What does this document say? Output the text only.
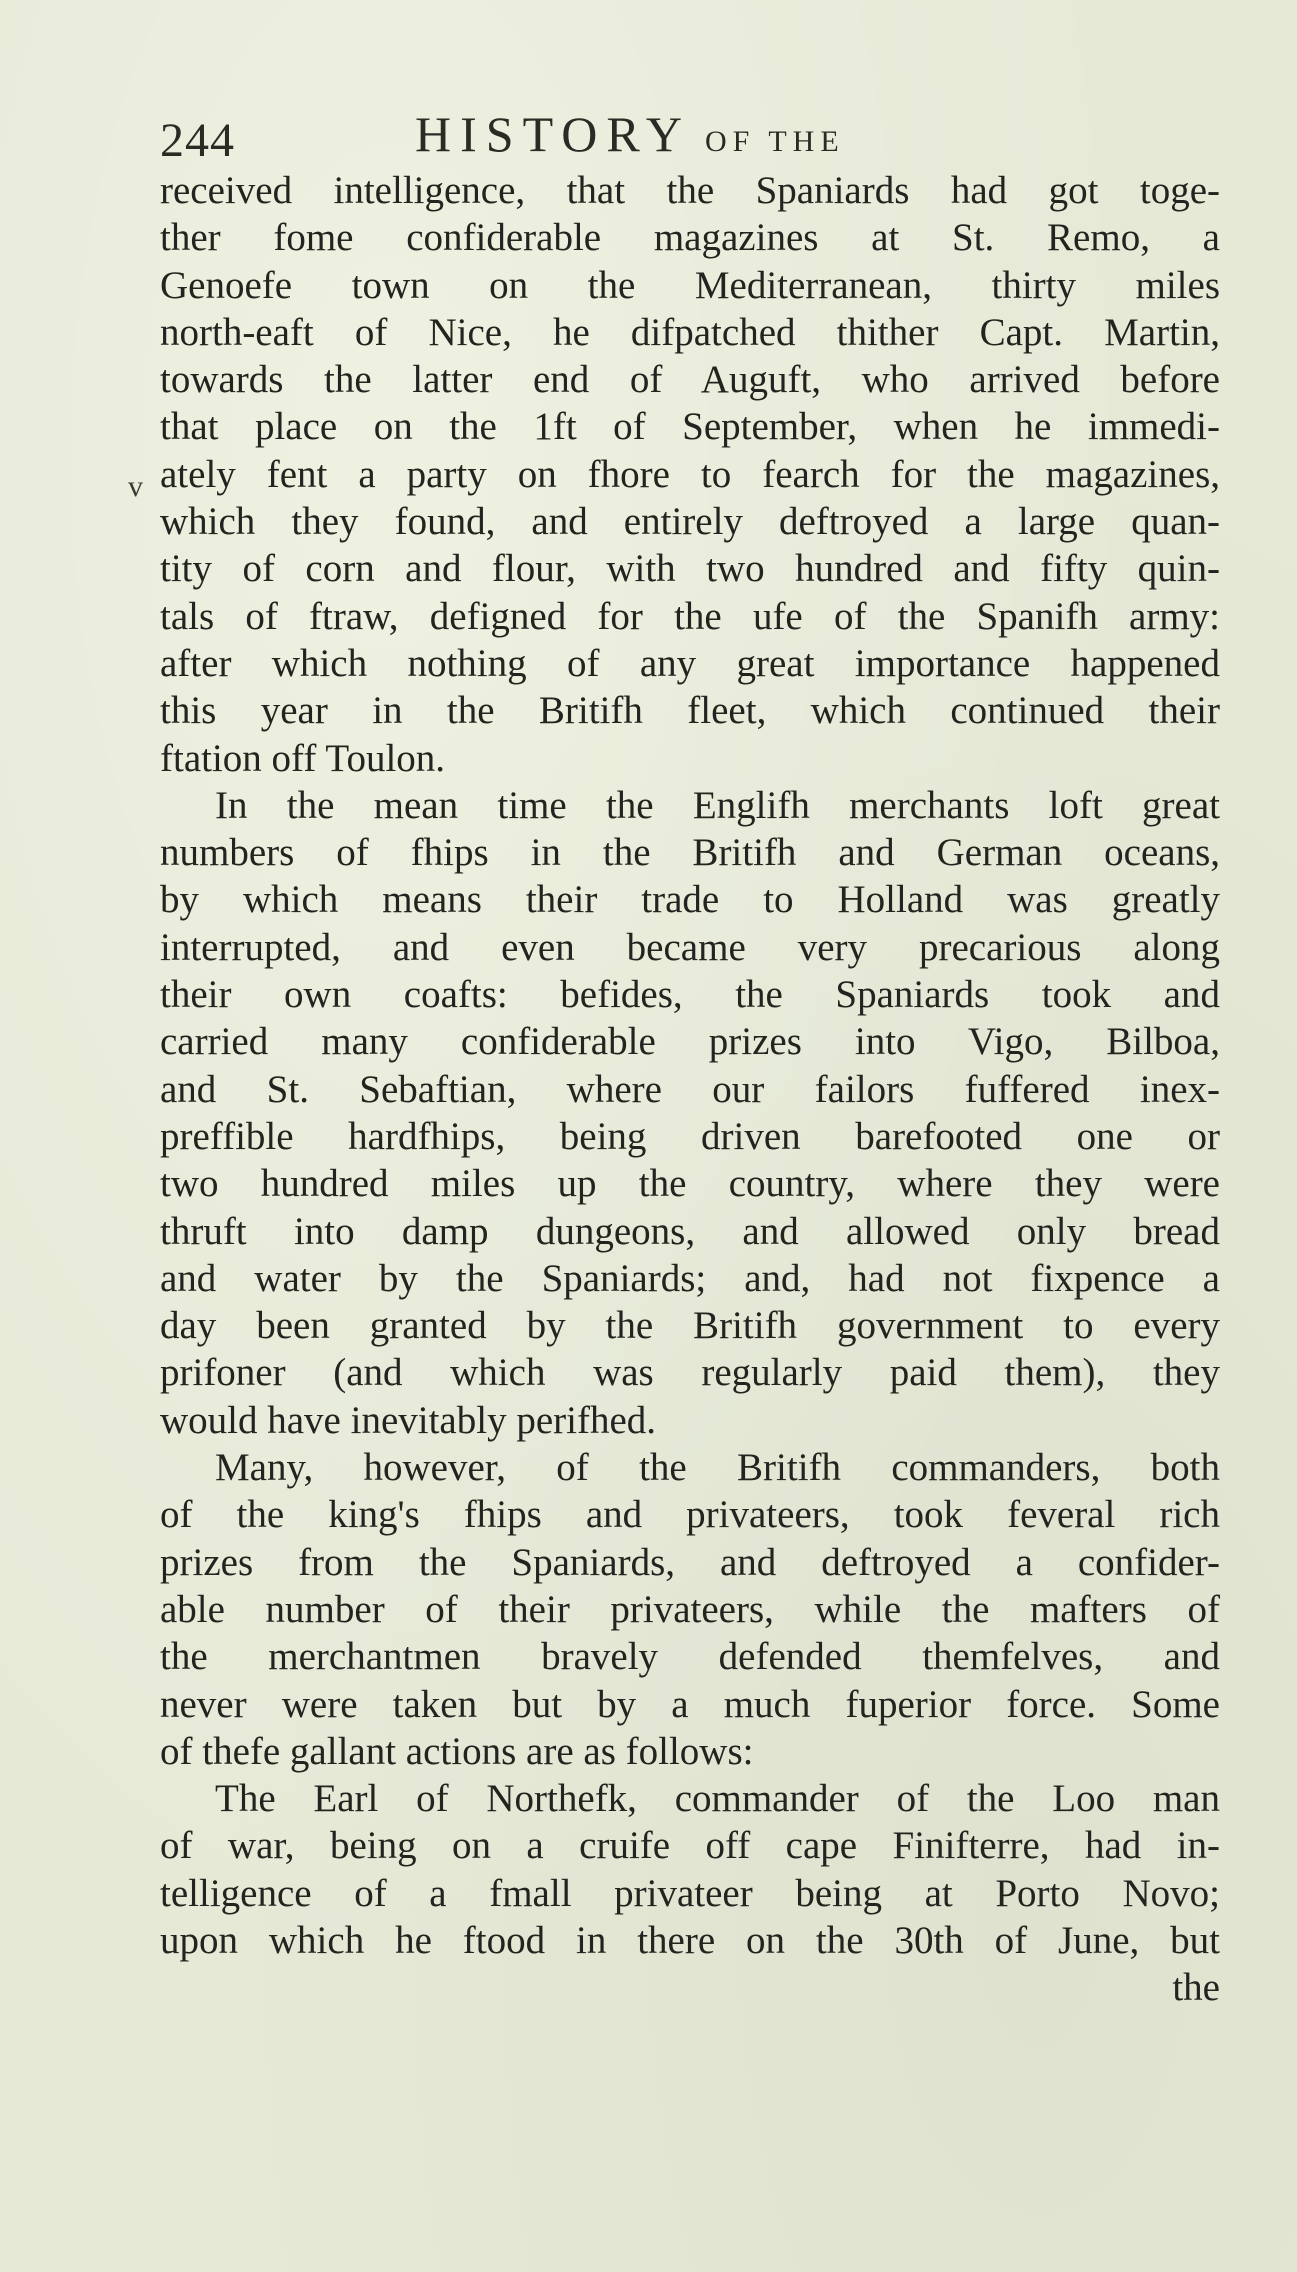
244	HISTORY OF THE
ᴠ
received intelligence, that the Spaniards had got toge-
ther fome confiderable magazines at St. Remo, a
Genoefe town on the Mediterranean, thirty miles
north-eaft of Nice, he difpatched thither Capt. Martin,
towards the latter end of Auguft, who arrived before
that place on the 1ft of September, when he immedi-
ately fent a party on fhore to fearch for the magazines,
which they found, and entirely deftroyed a large quan-
tity of corn and flour, with two hundred and fifty quin-
tals of ftraw, defigned for the ufe of the Spanifh army:
after which nothing of any great importance happened
this year in the Britifh fleet, which continued their
ftation off Toulon.
In the mean time the Englifh merchants loft great
numbers of fhips in the Britifh and German oceans,
by which means their trade to Holland was greatly
interrupted, and even became very precarious along
their own coafts: befides, the Spaniards took and
carried many confiderable prizes into Vigo, Bilboa,
and St. Sebaftian, where our failors fuffered inex-
preffible hardfhips, being driven barefooted one or
two hundred miles up the country, where they were
thruft into damp dungeons, and allowed only bread
and water by the Spaniards; and, had not fixpence a
day been granted by the Britifh government to every
prifoner (and which was regularly paid them), they
would have inevitably perifhed.
Many, however, of the Britifh commanders, both
of the king's fhips and privateers, took feveral rich
prizes from the Spaniards, and deftroyed a confider-
able number of their privateers, while the mafters of
the merchantmen bravely defended themfelves, and
never were taken but by a much fuperior force. Some
of thefe gallant actions are as follows:
The Earl of Northefk, commander of the Loo man
of war, being on a cruife off cape Finifterre, had in-
telligence of a fmall privateer being at Porto Novo;
upon which he ftood in there on the 30th of June, but
the
